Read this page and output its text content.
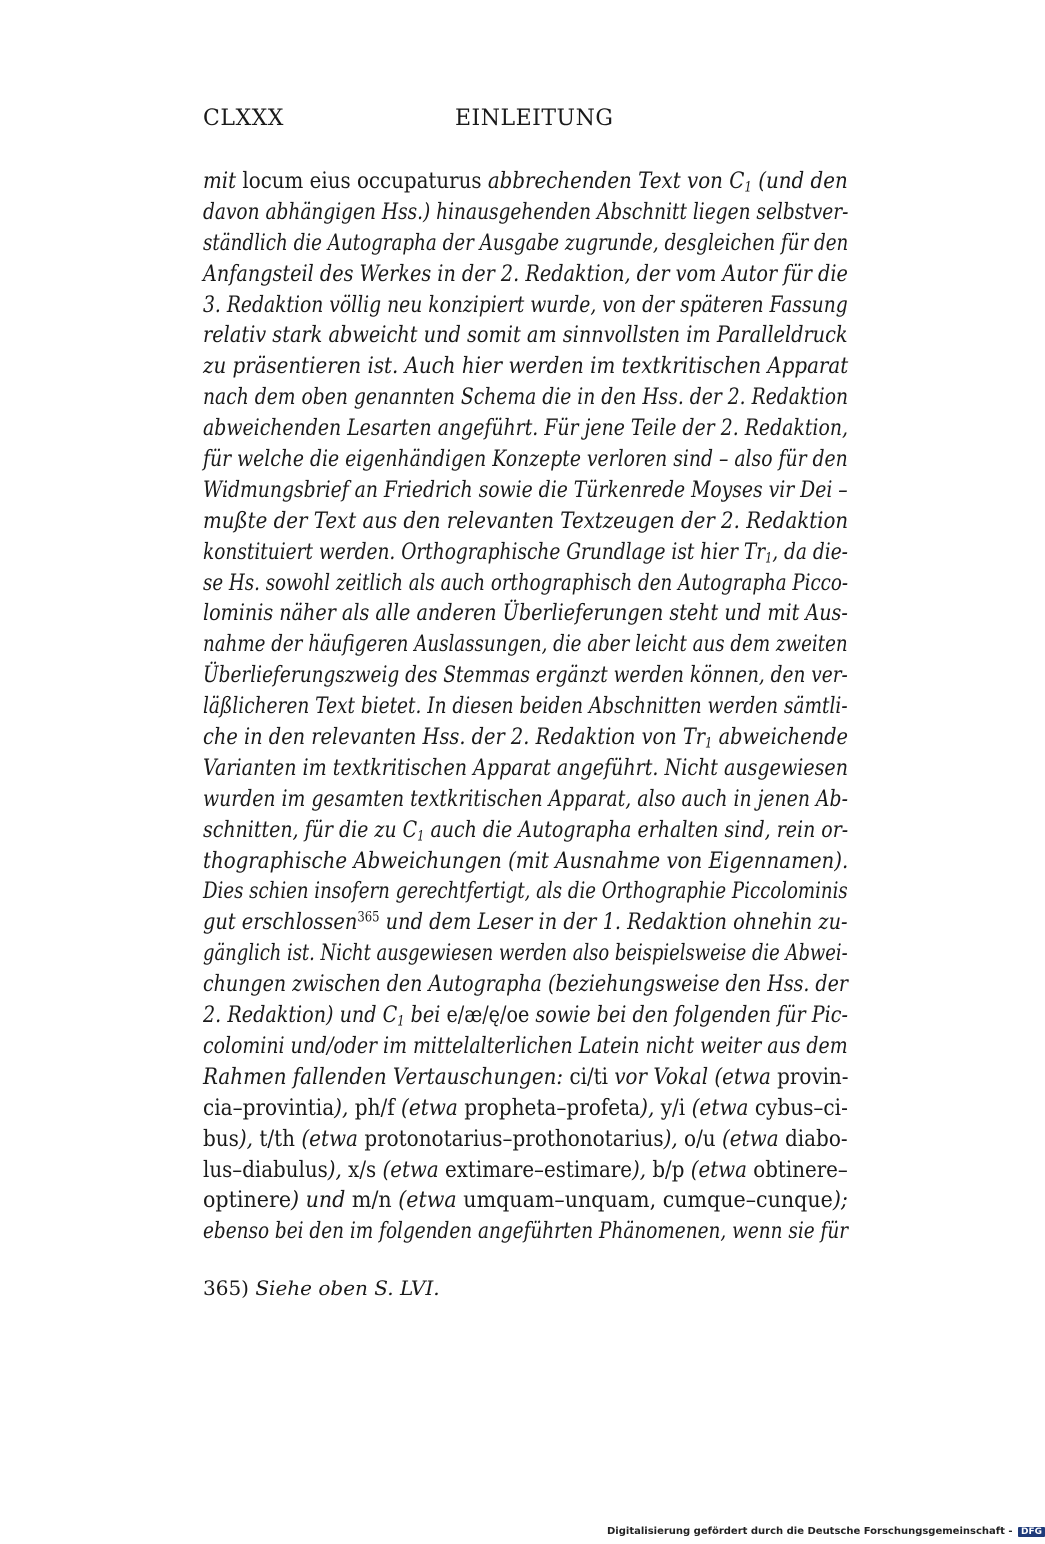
CLXXX	EINLEITUNG
mit locum eius occupaturus abbrechenden Text von $C_1$ (und den
davon abhängigen Hss.) hinausgehenden Abschnitt liegen selbstver-
ständlich die Autographa der Ausgabe zugrunde, desgleichen für den
Anfangsteil des Werkes in der 2. Redaktion, der vom Autor für die
3. Redaktion völlig neu konzipiert wurde, von der späteren Fassung
relativ stark abweicht und somit am sinnvollsten im Paralleldruck
zu präsentieren ist. Auch hier werden im textkritischen Apparat
nach dem oben genannten Schema die in den Hss. der 2. Redaktion
abweichenden Lesarten angeführt. Für jene Teile der 2. Redaktion,
für welche die eigenhändigen Konzepte verloren sind – also für den
Widmungsbrief an Friedrich sowie die Türkenrede Moyses vir Dei –
mußte der Text aus den relevanten Textzeugen der 2. Redaktion
konstituiert werden. Orthographische Grundlage ist hier $Tr_1$, da die-
se Hs. sowohl zeitlich als auch orthographisch den Autographa Picco-
lominis näher als alle anderen Überlieferungen steht und mit Aus-
nahme der häufigeren Auslassungen, die aber leicht aus dem zweiten
Überlieferungszweig des Stemmas ergänzt werden können, den ver-
läßlicheren Text bietet. In diesen beiden Abschnitten werden sämtli-
che in den relevanten Hss. der 2. Redaktion von $Tr_1$ abweichende
Varianten im textkritischen Apparat angeführt. Nicht ausgewiesen
wurden im gesamten textkritischen Apparat, also auch in jenen Ab-
schnitten, für die zu $C_1$ auch die Autographa erhalten sind, rein or-
thographische Abweichungen (mit Ausnahme von Eigennamen).
Dies schien insofern gerechtfertigt, als die Orthographie Piccolominis
gut erschlossen$^{365}$ und dem Leser in der 1. Redaktion ohnehin zu-
gänglich ist. Nicht ausgewiesen werden also beispielsweise die Abwei-
chungen zwischen den Autographa (beziehungsweise den Hss. der
2. Redaktion) und $C_1$ bei e/æ/ę/oe sowie bei den folgenden für Pic-
colomini und/oder im mittelalterlichen Latein nicht weiter aus dem
Rahmen fallenden Vertauschungen: ci/ti vor Vokal (etwa provin-
cia–provintia), ph/f (etwa propheta–profeta), y/i (etwa cybus–ci-
bus), t/th (etwa protonotarius–prothonotarius), o/u (etwa diabo-
lus–diabulus), x/s (etwa extimare–estimare), b/p (etwa obtinere–
optinere) und m/n (etwa umquam–unquam, cumque–cunque);
ebenso bei den im folgenden angeführten Phänomenen, wenn sie für
365) Siehe oben S. LVI.
Digitalisierung gefördert durch die Deutsche Forschungsgemeinschaft - DFG
